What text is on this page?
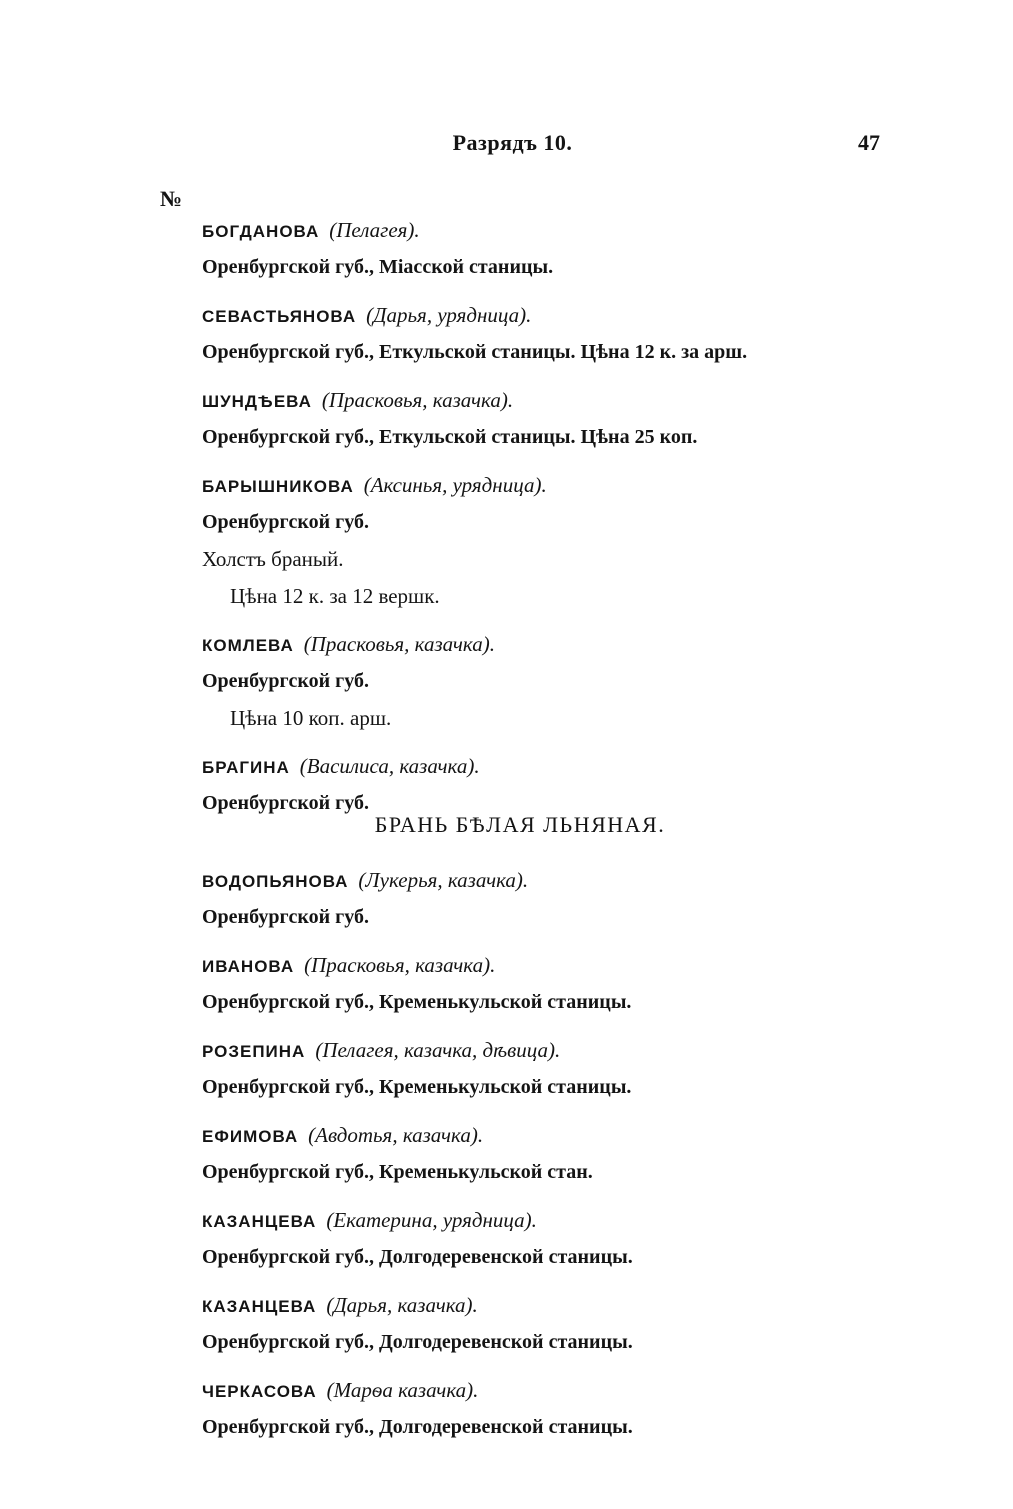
Разрядъ 10.	47
№
БОГДАНОВА (Пелагея).
Оренбургской губ., Міасской станицы.
СЕВАСТЬЯНОВА (Дарья, урядница).
Оренбургской губ., Еткульской станицы. Цѣна 12 к. за арш.
ШУНДѢЕВА (Прасковья, казачка).
Оренбургской губ., Еткульской станицы. Цѣна 25 коп.
БАРЫШНИКОВА (Аксинья, урядница).
Оренбургской губ.
Холстъ браный.
Цѣна 12 к. за 12 вершк.
КОМЛЕВА (Прасковья, казачка).
Оренбургской губ.
Цѣна 10 коп. арш.
БРАГИНА (Василиса, казачка).
Оренбургской губ.
БРАНЬ БѢЛАЯ ЛЬНЯНАЯ.
ВОДОПЬЯНОВА (Лукерья, казачка).
Оренбургской губ.
ИВАНОВА (Прасковья, казачка).
Оренбургской губ., Кременькульской станицы.
РОЗЕПИНА (Пелагея, казачка, дѣвица).
Оренбургской губ., Кременькульской станицы.
ЕФИМОВА (Авдотья, казачка).
Оренбургской губ., Кременькульской стан.
КАЗАНЦЕВА (Екатерина, урядница).
Оренбургской губ., Долгодеревенской станицы.
КАЗАНЦЕВА (Дарья, казачка).
Оренбургской губ., Долгодеревенской станицы.
ЧЕРКАСОВА (Марѳа казачка).
Оренбургской губ., Долгодеревенской станицы.
